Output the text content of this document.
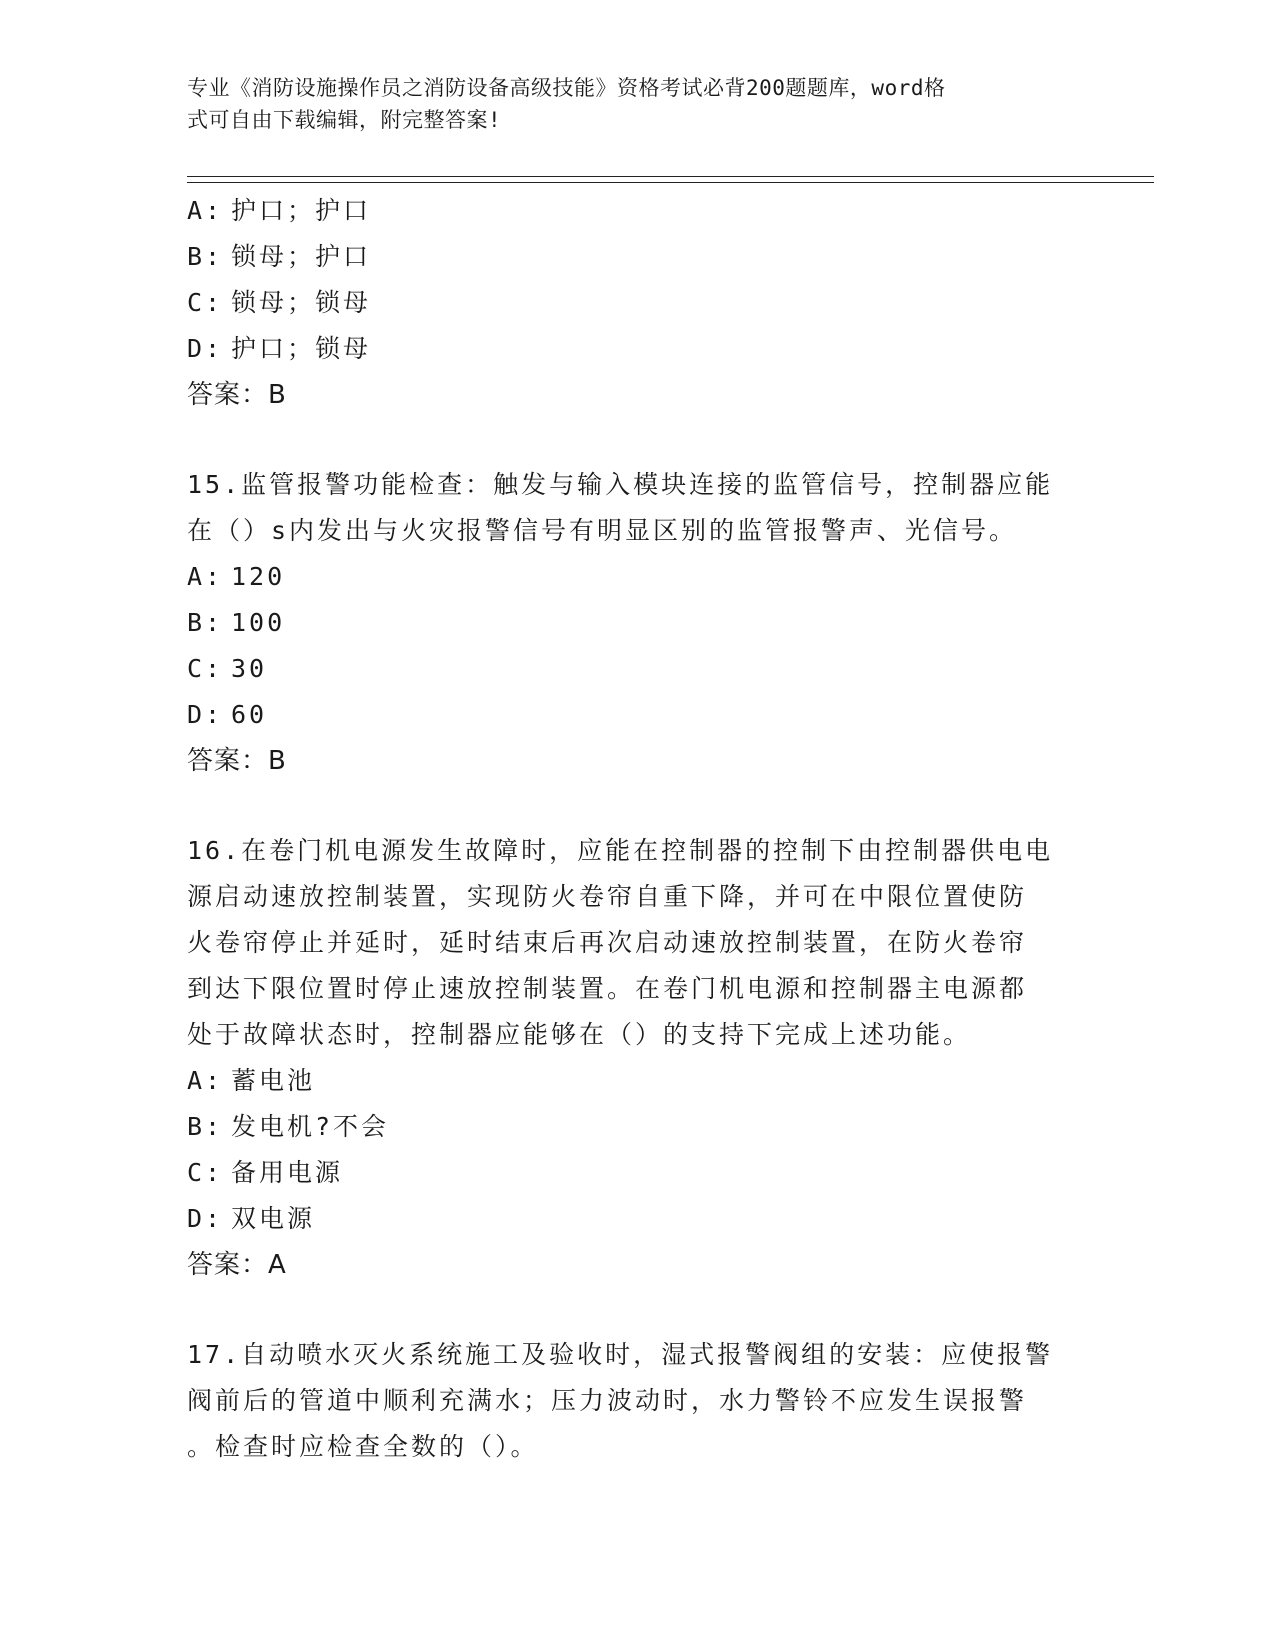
专业《消防设施操作员之消防设备高级技能》资格考试必背200题题库，word格
式可自由下载编辑，附完整答案!
A: 护口；护口
B: 锁母；护口
C: 锁母；锁母
D: 护口；锁母
答案：B
15.监管报警功能检查：触发与输入模块连接的监管信号，控制器应能
在（）s内发出与火灾报警信号有明显区别的监管报警声、光信号。
A: 120
B: 100
C: 30
D: 60
答案：B
16.在卷门机电源发生故障时，应能在控制器的控制下由控制器供电电
源启动速放控制装置，实现防火卷帘自重下降，并可在中限位置使防
火卷帘停止并延时，延时结束后再次启动速放控制装置，在防火卷帘
到达下限位置时停止速放控制装置。在卷门机电源和控制器主电源都
处于故障状态时，控制器应能够在（）的支持下完成上述功能。
A: 蓄电池
B: 发电机?不会
C: 备用电源
D: 双电源
答案：A
17.自动喷水灭火系统施工及验收时，湿式报警阀组的安装：应使报警
阀前后的管道中顺利充满水；压力波动时，水力警铃不应发生误报警
。检查时应检查全数的（）。
